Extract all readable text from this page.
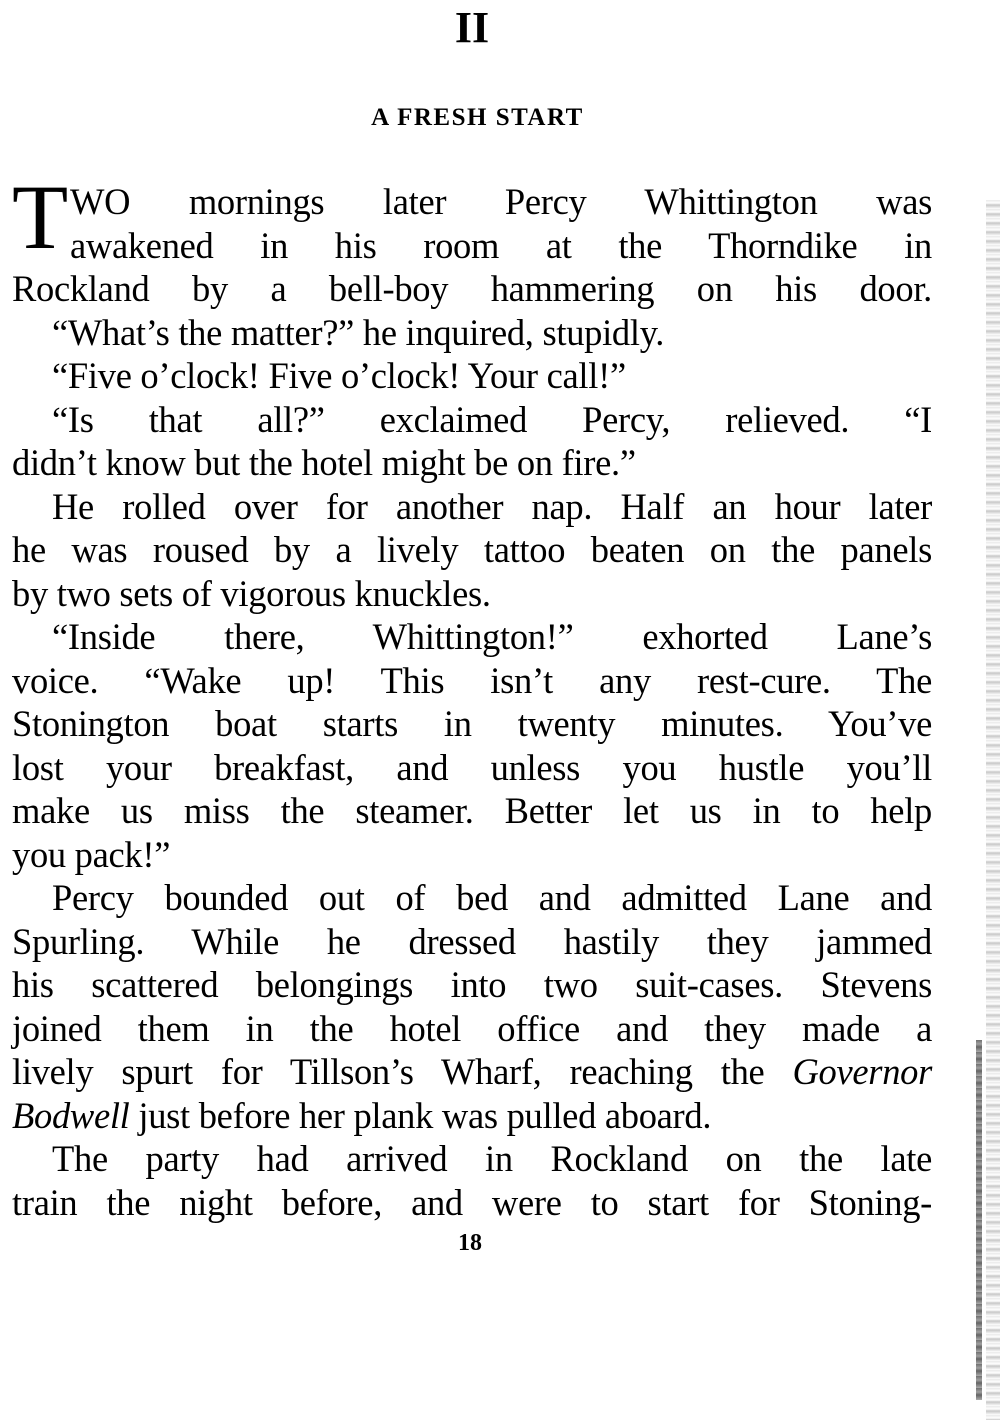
II
A FRESH START
T WO mornings later Percy Whittington was
awakened in his room at the Thorndike in
Rockland by a bell-boy hammering on his door.
“What’s the matter?” he inquired, stupidly.
“Five o’clock! Five o’clock! Your call!”
“Is that all?” exclaimed Percy, relieved. “I
didn’t know but the hotel might be on fire.”
He rolled over for another nap. Half an hour later
he was roused by a lively tattoo beaten on the panels
by two sets of vigorous knuckles.
“Inside there, Whittington!” exhorted Lane’s
voice. “Wake up! This isn’t any rest-cure. The
Stonington boat starts in twenty minutes. You’ve
lost your breakfast, and unless you hustle you’ll
make us miss the steamer. Better let us in to help
you pack!”
Percy bounded out of bed and admitted Lane and
Spurling. While he dressed hastily they jammed
his scattered belongings into two suit-cases. Stevens
joined them in the hotel office and they made a
lively spurt for Tillson’s Wharf, reaching the Governor
Bodwell just before her plank was pulled aboard.
The party had arrived in Rockland on the late
train the night before, and were to start for Stoning-
18
